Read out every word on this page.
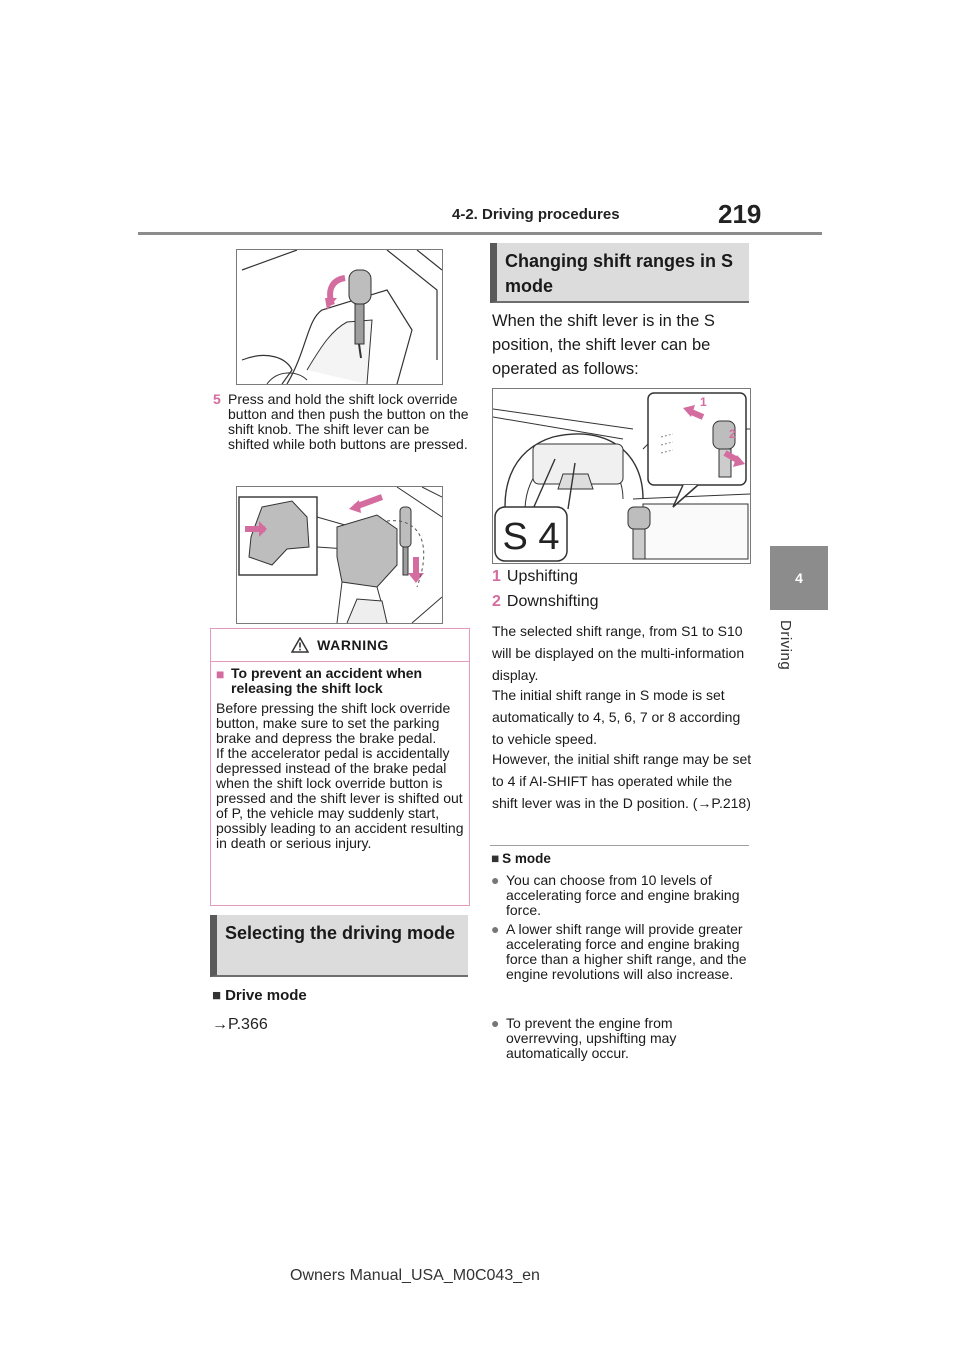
4-2. Driving procedures	219
4
Driving
5 Press and hold the shift lock override button and then push the button on the shift knob. The shift lever can be shifted while both buttons are pressed.
WARNING
■ To prevent an accident when releasing the shift lock
Before pressing the shift lock override button, make sure to set the parking brake and depress the brake pedal.
If the accelerator pedal is accidentally depressed instead of the brake pedal when the shift lock override button is pressed and the shift lever is shifted out of P, the vehicle may suddenly start, possibly leading to an accident resulting in death or serious injury.
Selecting the driving mode
■ Drive mode
→P.366
Changing shift ranges in S mode
When the shift lever is in the S position, the shift lever can be operated as follows:
1
2
S 4
1 Upshifting
2 Downshifting
The selected shift range, from S1 to S10 will be displayed on the multi-information display.
The initial shift range in S mode is set automatically to 4, 5, 6, 7 or 8 according to vehicle speed.
However, the initial shift range may be set to 4 if AI-SHIFT has operated while the shift lever was in the D position. (→P.218)
■ S mode
● You can choose from 10 levels of accelerating force and engine braking force.
● A lower shift range will provide greater accelerating force and engine braking force than a higher shift range, and the engine revolutions will also increase.
● To prevent the engine from overrevving, upshifting may automatically occur.
Owners Manual_USA_M0C043_en
